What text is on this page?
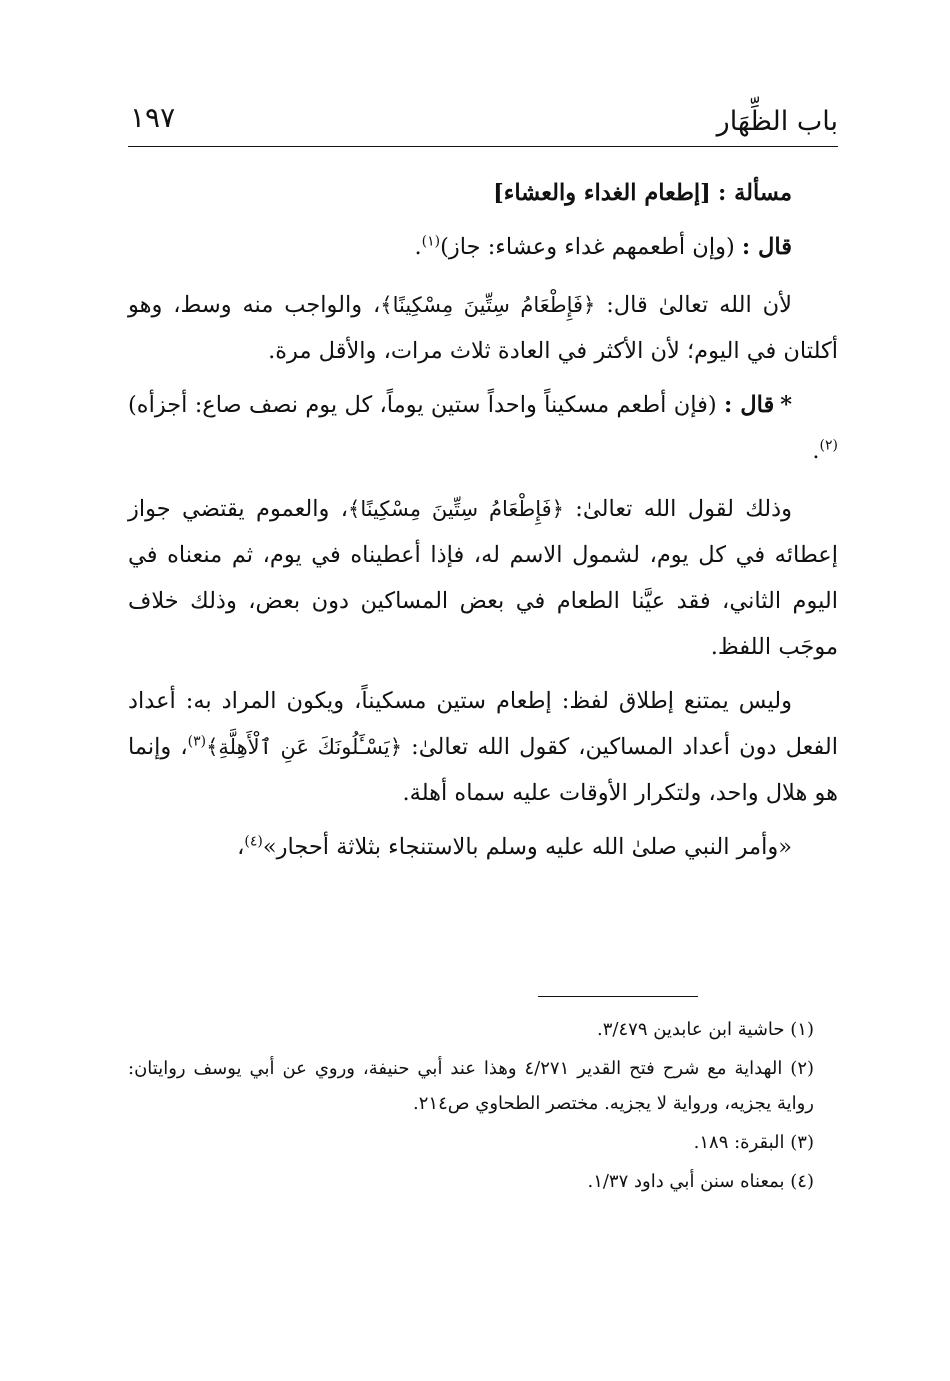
باب الظِّهَار
١٩٧

مسألة : [إطعام الغداء والعشاء]

قال : (وإن أطعمهم غداء وعشاء: جاز)$^{(١)}$.

لأن الله تعالىٰ قال: ﴿فَإِطْعَامُ سِتِّينَ مِسْكِينًا﴾، والواجب منه وسط، وهو أكلتان في اليوم؛ لأن الأكثر في العادة ثلاث مرات، والأقل مرة.

*قال : (فإن أطعم مسكيناً واحداً ستين يوماً، كل يوم نصف صاع: أجزأه)$^{(٢)}$.

وذلك لقول الله تعالىٰ: ﴿فَإِطْعَامُ سِتِّينَ مِسْكِينًا﴾، والعموم يقتضي جواز إعطائه في كل يوم، لشمول الاسم له، فإذا أعطيناه في يوم، ثم منعناه في اليوم الثاني، فقد عيَّنا الطعام في بعض المساكين دون بعض، وذلك خلاف موجَب اللفظ.

وليس يمتنع إطلاق لفظ: إطعام ستين مسكيناً، ويكون المراد به: أعداد الفعل دون أعداد المساكين، كقول الله تعالىٰ: ﴿يَسْـَٔلُونَكَ عَنِ ٱلْأَهِلَّةِ﴾$^{(٣)}$، وإنما هو هلال واحد، ولتكرار الأوقات عليه سماه أهلة.

«وأمر النبي صلىٰ الله عليه وسلم بالاستنجاء بثلاثة أحجار»$^{(٤)}$،

(١) حاشية ابن عابدين ٣/٤٧٩.

(٢) الهداية مع شرح فتح القدير ٤/٢٧١ وهذا عند أبي حنيفة، وروي عن أبي يوسف روايتان: رواية يجزيه، ورواية لا يجزيه. مختصر الطحاوي ص٢١٤.

(٣) البقرة: ١٨٩.

(٤) بمعناه سنن أبي داود ١/٣٧.
